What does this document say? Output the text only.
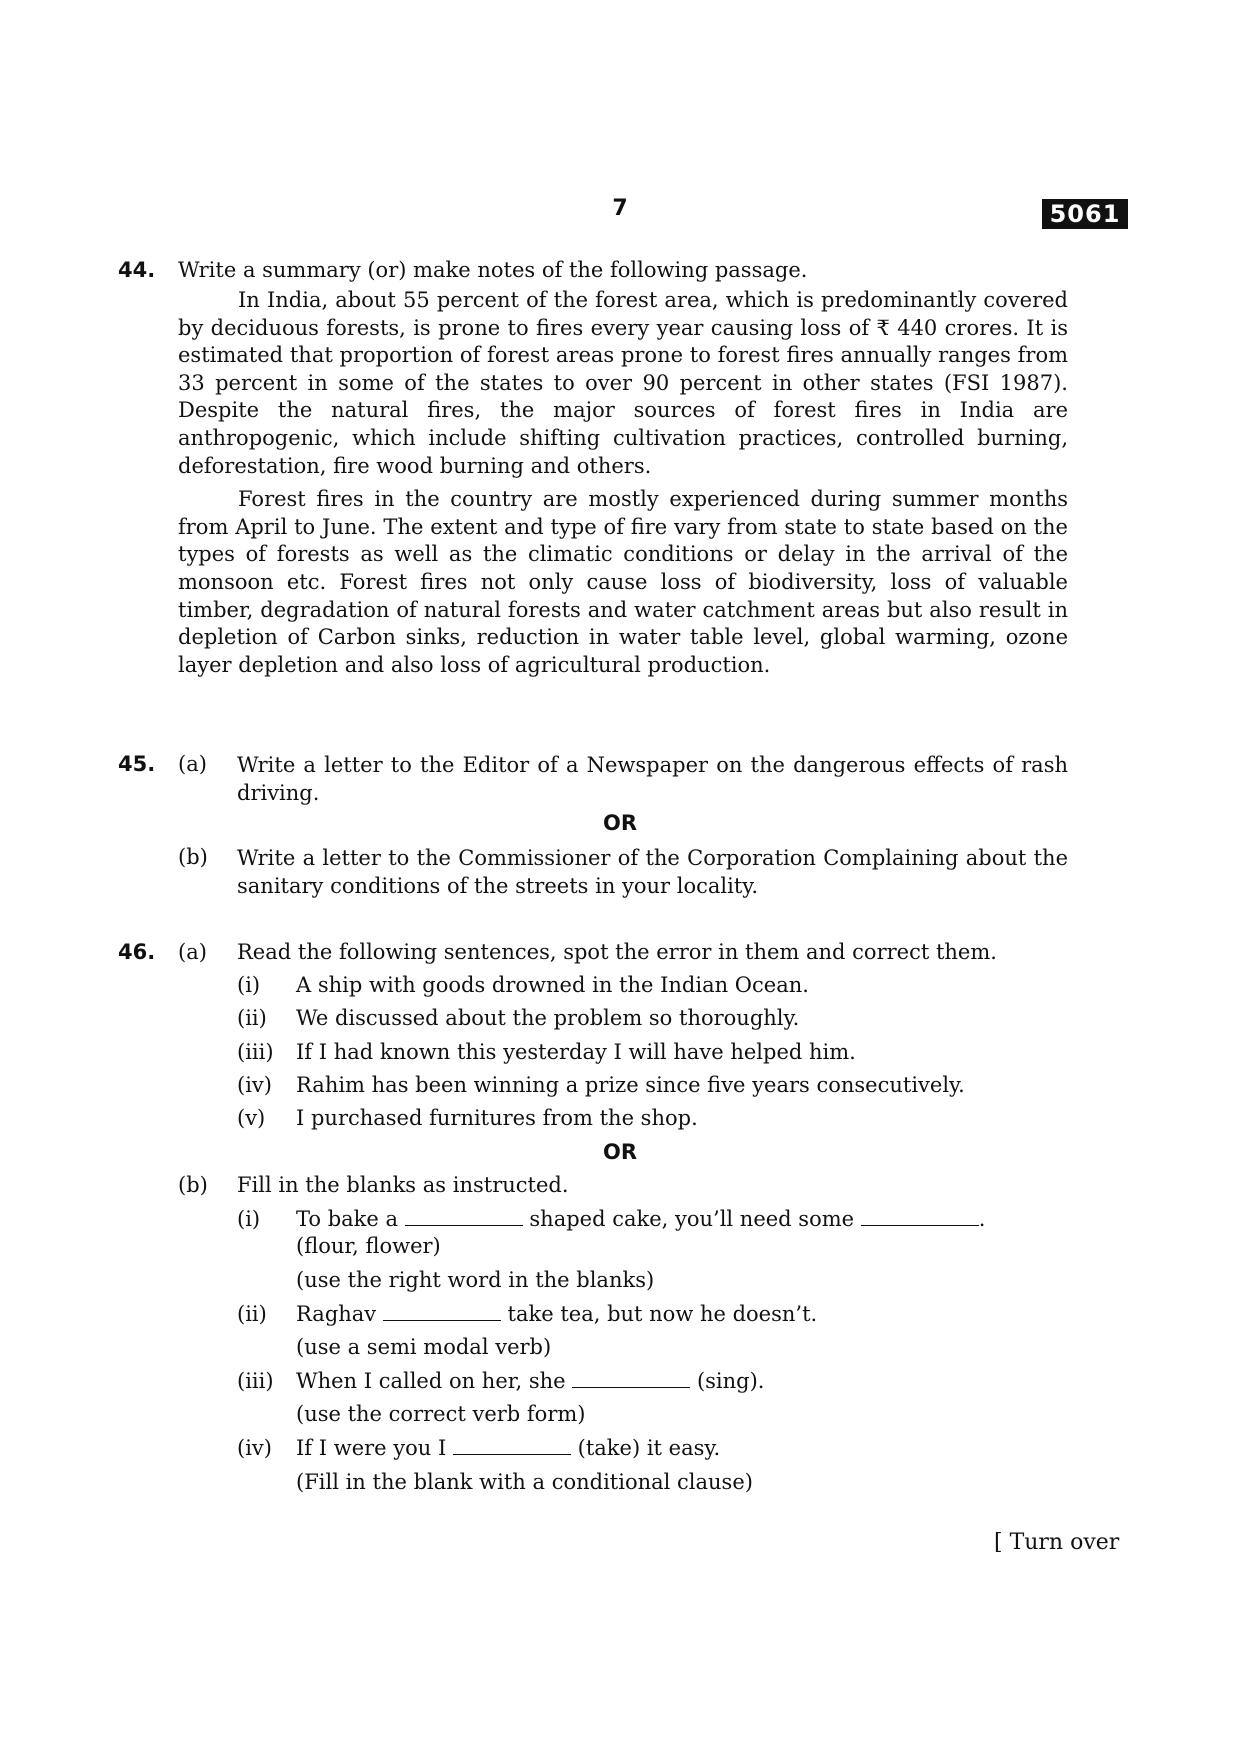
7	5061
44. Write a summary (or) make notes of the following passage.

In India, about 55 percent of the forest area, which is predominantly covered by deciduous forests, is prone to fires every year causing loss of ₹ 440 crores. It is estimated that proportion of forest areas prone to forest fires annually ranges from 33 percent in some of the states to over 90 percent in other states (FSI 1987). Despite the natural fires, the major sources of forest fires in India are anthropogenic, which include shifting cultivation practices, controlled burning, deforestation, fire wood burning and others.

Forest fires in the country are mostly experienced during summer months from April to June. The extent and type of fire vary from state to state based on the types of forests as well as the climatic conditions or delay in the arrival of the monsoon etc. Forest fires not only cause loss of biodiversity, loss of valuable timber, degradation of natural forests and water catchment areas but also result in depletion of Carbon sinks, reduction in water table level, global warming, ozone layer depletion and also loss of agricultural production.

45. (a) Write a letter to the Editor of a Newspaper on the dangerous effects of rash driving.
OR
(b) Write a letter to the Commissioner of the Corporation Complaining about the sanitary conditions of the streets in your locality.
46. (a) Read the following sentences, spot the error in them and correct them.
(i) A ship with goods drowned in the Indian Ocean.
(ii) We discussed about the problem so thoroughly.
(iii) If I had known this yesterday I will have helped him.
(iv) Rahim has been winning a prize since five years consecutively.
(v) I purchased furnitures from the shop.
OR
(b) Fill in the blanks as instructed.
(i) To bake a	shaped cake, you’ll need some	.
(flour, flower)
(use the right word in the blanks)
(ii) Raghav	take tea, but now he doesn’t.
(use a semi modal verb)
(iii) When I called on her, she	(sing).
(use the correct verb form)
(iv) If I were you I	(take) it easy.
(Fill in the blank with a conditional clause)
[ Turn over
